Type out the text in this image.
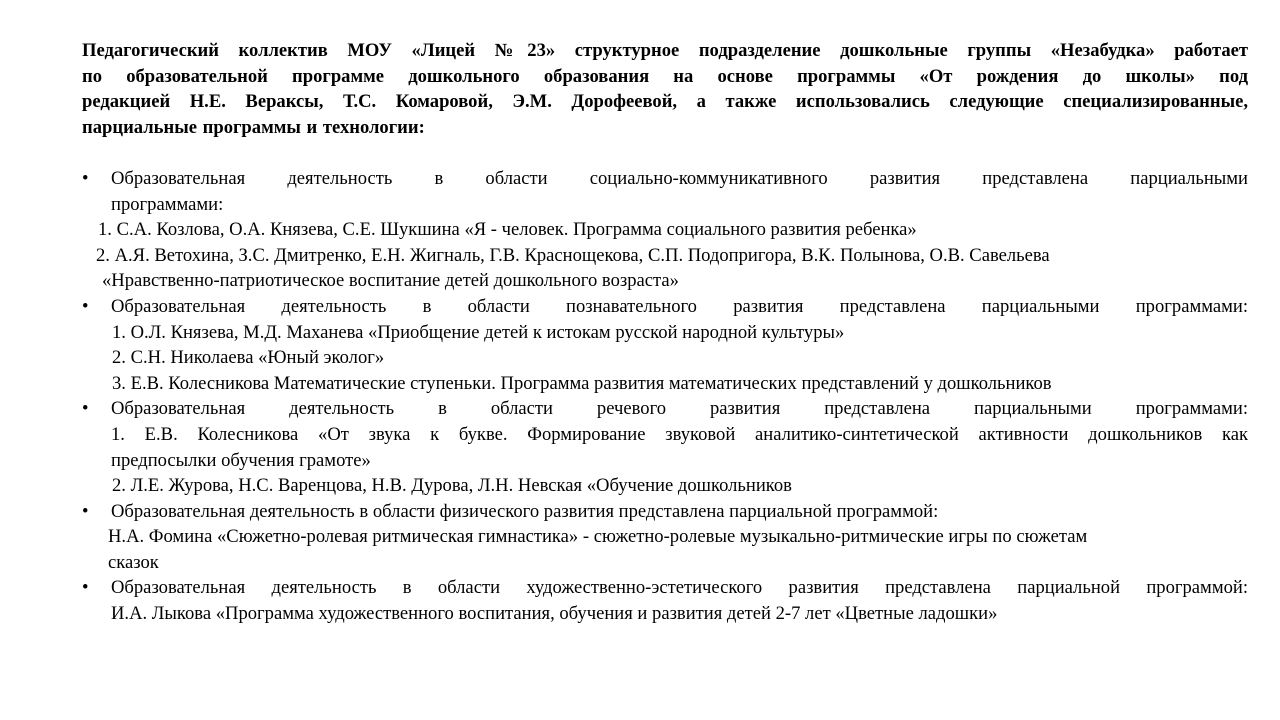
Педагогический коллектив МОУ «Лицей №23» структурное подразделение дошкольные группы «Незабудка» работает
по образовательной программе дошкольного образования на основе программы «От рождения до школы» под
редакцией Н.Е. Вераксы, Т.С. Комаровой, Э.М. Дорофеевой, а также использовались следующие специализированные,
парциальные программы и технологии:
• Образовательная деятельность в области социально-коммуникативного развития представлена парциальными
программами:
1. С.А. Козлова, О.А. Князева, С.Е. Шукшина «Я - человек. Программа социального развития ребенка»
2. А.Я. Ветохина, З.С. Дмитренко, Е.Н. Жигналь, Г.В. Краснощекова, С.П. Подопригора, В.К. Полынова, О.В. Савельева
«Нравственно-патриотическое воспитание детей дошкольного возраста»
• Образовательная деятельность в области познавательного развития представлена парциальными программами:
1. О.Л. Князева, М.Д. Маханева «Приобщение детей к истокам русской народной культуры»
2. С.Н. Николаева «Юный эколог»
3. Е.В. Колесникова Математические ступеньки. Программа развития математических представлений у дошкольников
• Образовательная деятельность в области речевого развития представлена парциальными программами:
1. Е.В. Колесникова «От звука к букве. Формирование звуковой аналитико-синтетической активности дошкольников как
предпосылки обучения грамоте»
2. Л.Е. Журова, Н.С. Варенцова, Н.В. Дурова, Л.Н. Невская «Обучение дошкольников
• Образовательная деятельность в области физического развития представлена парциальной программой:
Н.А. Фомина «Сюжетно-ролевая ритмическая гимнастика» - сюжетно-ролевые музыкально-ритмические игры по сюжетам
сказок
• Образовательная деятельность в области художественно-эстетического развития представлена парциальной программой:
И.А. Лыкова «Программа художественного воспитания, обучения и развития детей 2-7 лет «Цветные ладошки»
